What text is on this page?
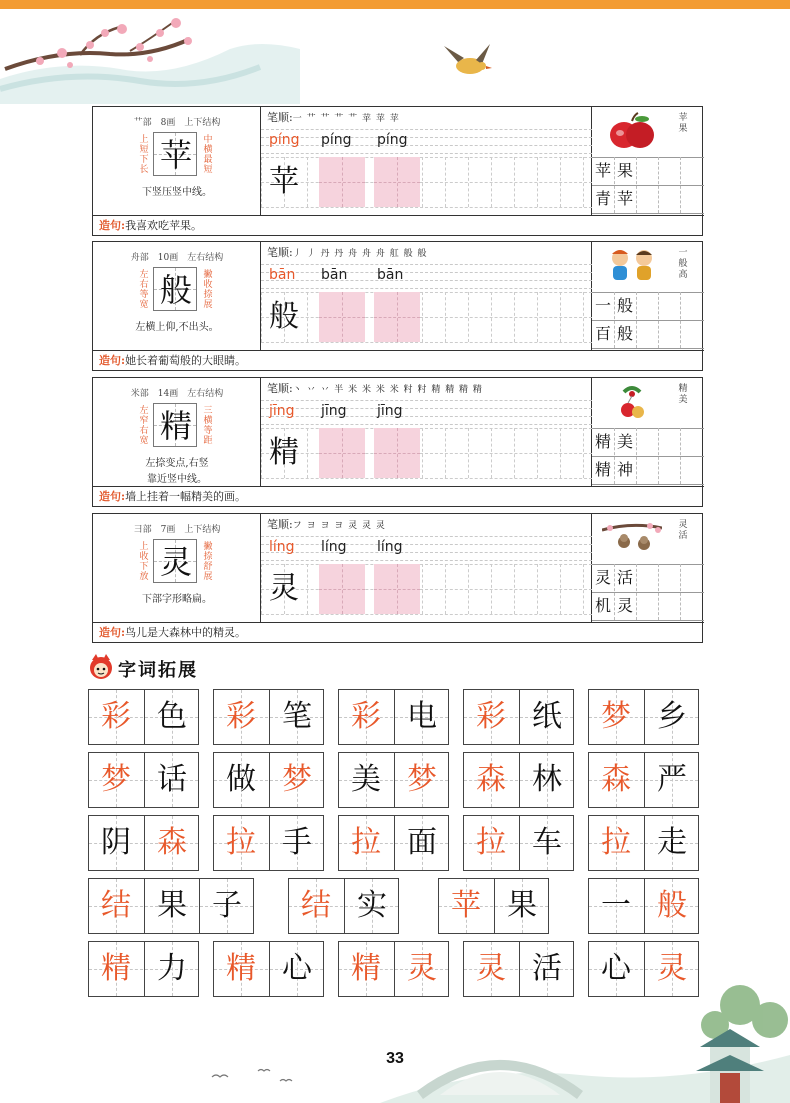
艹部　8画　上下结构
上短下长 苹	中横最短
下竖压竖中线。
笔顺:一 艹 艹 艹 艹 苹 苹 苹
píng píng píng
苹
苹果
苹 果
青 苹
造句:我喜欢吃苹果。
舟部　10画　左右结构
左右等宽 般	撇收捺展
左横上仰,不出头。
笔顺:丿 丿 丹 丹 舟 舟 舟 舡 般 般
bān bān bān
般
一般高
一 般
百 般
造句:她长着葡萄般的大眼睛。
米部　14画　左右结构
左窄右宽 精	三横等距
左捺变点,右竖
靠近竖中线。
笔顺:丶 丷 丷 半 米 米 米 米 籿 籿 精 精 精 精
jīng jīng jīng
精
精美
精 美
精 神
造句:墙上挂着一幅精美的画。
彐部　7画　上下结构
上收下放 灵	撇捺舒展
下部字形略扁。
笔顺:フ ヨ ヨ ヨ 灵 灵 灵
líng líng líng
灵
灵活
灵 活
机 灵
造句:鸟儿是大森林中的精灵。
字词拓展
彩 色	彩 笔	彩 电	彩 纸	梦 乡
梦 话	做 梦	美 梦	森 林	森 严
阴 森	拉 手	拉 面	拉 车	拉 走
结 果 子	结 实	苹 果	一 般
精 力	精 心	精 灵	灵 活	心 灵
33
